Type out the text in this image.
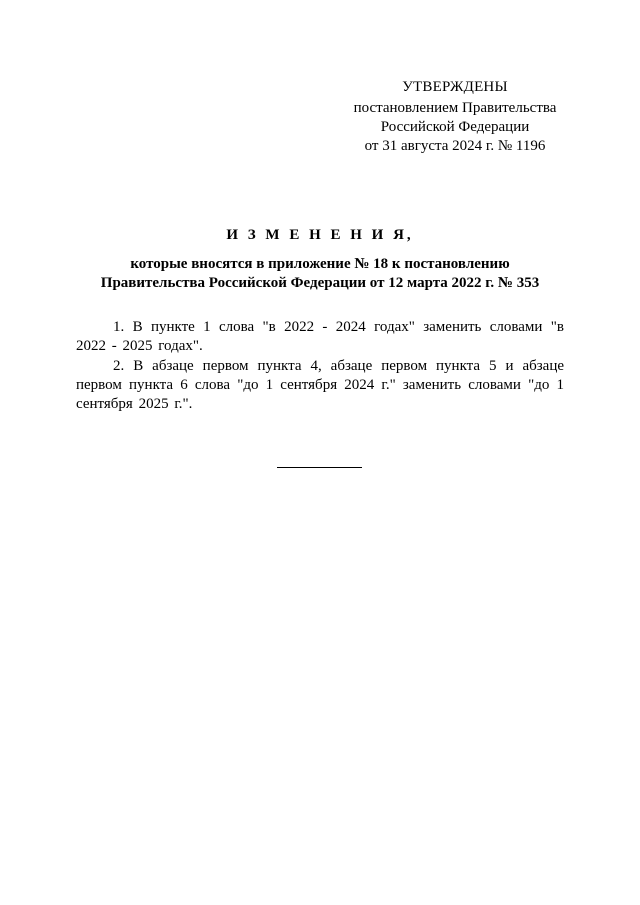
УТВЕРЖДЕНЫ
постановлением Правительства
Российской Федерации
от 31 августа 2024 г. № 1196
И З М Е Н Е Н И Я,
которые вносятся в приложение № 18 к постановлению
Правительства Российской Федерации от 12 марта 2022 г. № 353

1. В пункте 1 слова "в 2022 - 2024 годах" заменить словами "в 2022 - 2025 годах".

2. В абзаце первом пункта 4, абзаце первом пункта 5 и абзаце первом пункта 6 слова "до 1 сентября 2024 г." заменить словами "до 1 сентября 2025 г.".
